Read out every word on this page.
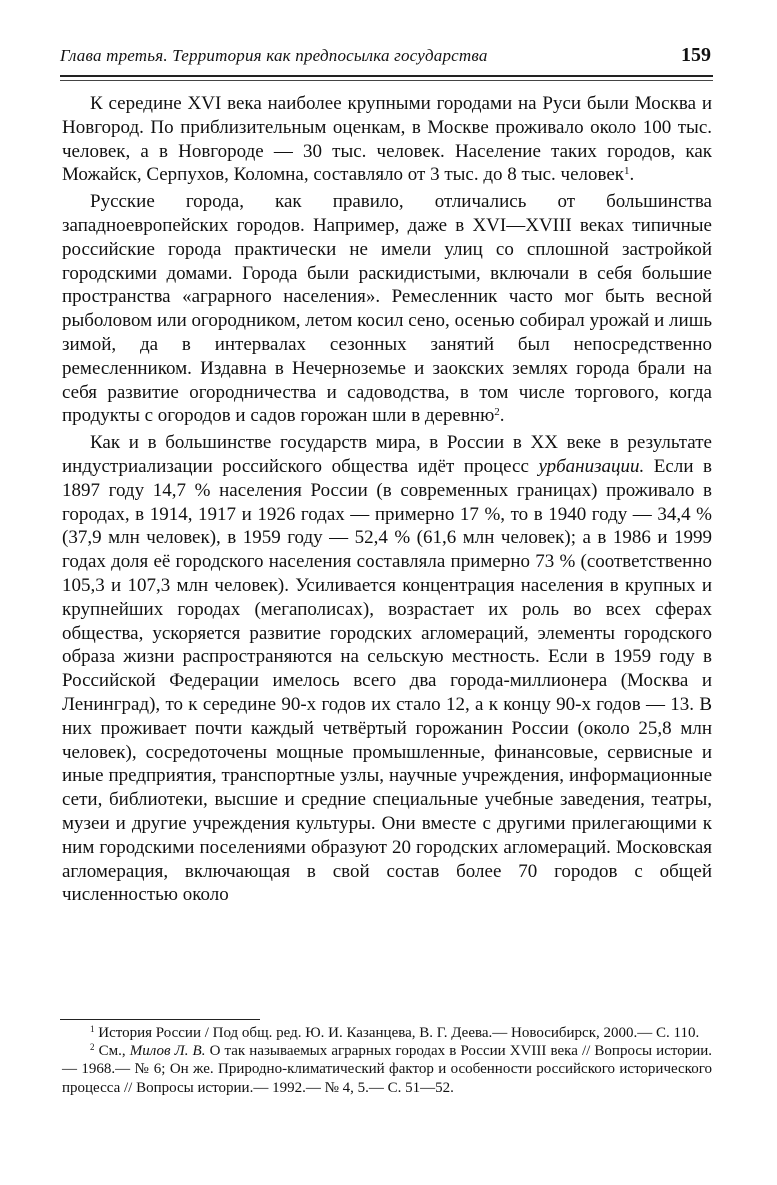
Глава третья. Территория как предпосылка государства	159

К середине XVI века наиболее крупными городами на Руси были Москва и Новгород. По приблизительным оценкам, в Москве проживало около 100 тыс. человек, а в Новгороде — 30 тыс. человек. Население таких городов, как Можайск, Серпухов, Коломна, составляло от 3 тыс. до 8 тыс. человек$^1$.

Русские города, как правило, отличались от большинства западноевропейских городов. Например, даже в XVI—XVIII веках типичные российские города практически не имели улиц со сплошной застройкой городскими домами. Города были раскидистыми, включали в себя большие пространства «аграрного населения». Ремесленник часто мог быть весной рыболовом или огородником, летом косил сено, осенью собирал урожай и лишь зимой, да в интервалах сезонных занятий был непосредственно ремесленником. Издавна в Нечерноземье и заокских землях города брали на себя развитие огородничества и садоводства, в том числе торгового, когда продукты с огородов и садов горожан шли в деревню$^2$.

Как и в большинстве государств мира, в России в XX веке в результате индустриализации российского общества идёт процесс урбанизации. Если в 1897 году 14,7 % населения России (в современных границах) проживало в городах, в 1914, 1917 и 1926 годах — примерно 17 %, то в 1940 году — 34,4 % (37,9 млн человек), в 1959 году — 52,4 % (61,6 млн человек); а в 1986 и 1999 годах доля её городского населения составляла примерно 73 % (соответственно 105,3 и 107,3 млн человек). Усиливается концентрация населения в крупных и крупнейших городах (мегаполисах), возрастает их роль во всех сферах общества, ускоряется развитие городских агломераций, элементы городского образа жизни распространяются на сельскую местность. Если в 1959 году в Российской Федерации имелось всего два города-миллионера (Москва и Ленинград), то к середине 90-х годов их стало 12, а к концу 90-х годов — 13. В них проживает почти каждый четвёртый горожанин России (около 25,8 млн человек), сосредоточены мощные промышленные, финансовые, сервисные и иные предприятия, транспортные узлы, научные учреждения, информационные сети, библиотеки, высшие и средние специальные учебные заведения, театры, музеи и другие учреждения культуры. Они вместе с другими прилегающими к ним городскими поселениями образуют 20 городских агломераций. Московская агломерация, включающая в свой состав более 70 городов с общей численностью около

$^1$ История России / Под общ. ред. Ю. И. Казанцева, В. Г. Деева.— Новосибирск, 2000.— С. 110.

$^2$ См., Милов Л. В. О так называемых аграрных городах в России XVIII века // Вопросы истории.— 1968.— № 6; Он же. Природно-климатический фактор и особенности российского исторического процесса // Вопросы истории.— 1992.— № 4, 5.— С. 51—52.
